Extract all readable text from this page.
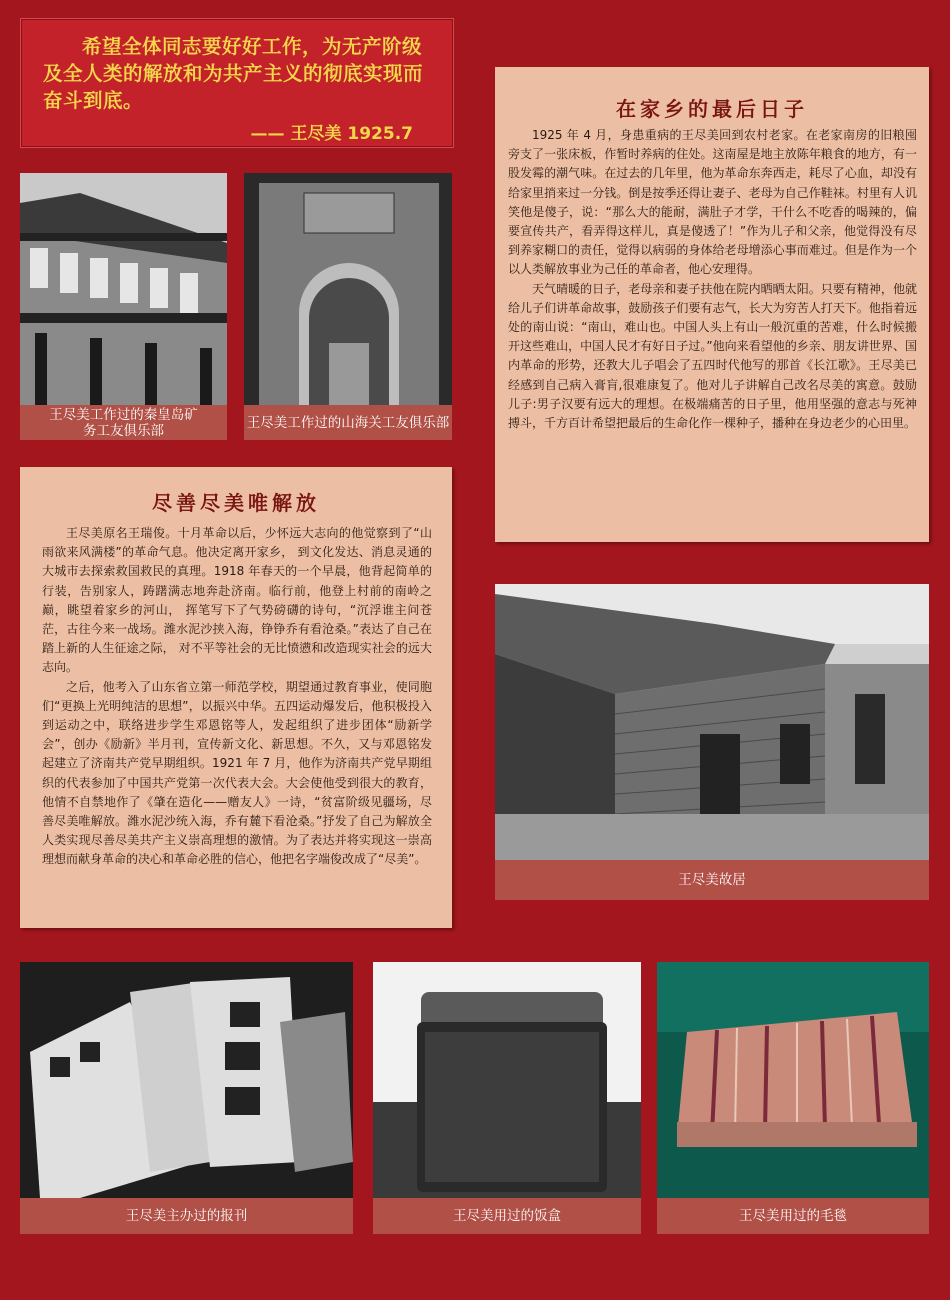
希望全体同志要好好工作，为无产阶级及全人类的解放和为共产主义的彻底实现而奋斗到底。
—— 王尽美 1925.7
王尽美工作过的秦皇岛矿务工友俱乐部	王尽美工作过的山海关工友俱乐部
在家乡的最后日子

1925 年 4 月，身患重病的王尽美回到农村老家。在老家南房的旧粮囤旁支了一张床板，作暂时养病的住处。这南屋是地主放陈年粮食的地方，有一股发霉的潮气味。在过去的几年里，他为革命东奔西走，耗尽了心血，却没有给家里捎来过一分钱。倒是按季还得让妻子、老母为自己作鞋袜。村里有人讥笑他是傻子，说：“那么大的能耐，满肚子才学，干什么不吃香的喝辣的，偏要宣传共产，看弄得这样儿，真是傻透了！”作为儿子和父亲，他觉得没有尽到养家糊口的责任，觉得以病弱的身体给老母增添心事而难过。但是作为一个以人类解放事业为己任的革命者，他心安理得。

天气晴暖的日子，老母亲和妻子扶他在院内晒晒太阳。只要有精神，他就给儿子们讲革命故事，鼓励孩子们要有志气，长大为穷苦人打天下。他指着远处的南山说：“南山，难山也。中国人头上有山一般沉重的苦难，什么时候搬开这些难山，中国人民才有好日子过。”他向来看望他的乡亲、朋友讲世界、国内革命的形势，还教大儿子唱会了五四时代他写的那首《长江歌》。王尽美已经感到自己病入膏肓,很难康复了。他对儿子讲解自己改名尽美的寓意。鼓励儿子:男子汉要有远大的理想。在极端痛苦的日子里，他用坚强的意志与死神搏斗，千方百计希望把最后的生命化作一棵种子，播种在身边老少的心田里。

尽善尽美唯解放

王尽美原名王瑞俊。十月革命以后，少怀远大志向的他觉察到了“山雨欲来风满楼”的革命气息。他决定离开家乡， 到文化发达、消息灵通的大城市去探索救国救民的真理。1918 年春天的一个早晨，他背起简单的行装，告别家人，踌躇满志地奔赴济南。临行前，他登上村前的南岭之巅，眺望着家乡的河山， 挥笔写下了气势磅礴的诗句，“沉浮谁主问苍茫，古往今来一战场。潍水泥沙挟入海，铮铮乔有看沧桑。”表达了自己在踏上新的人生征途之际， 对不平等社会的无比愤懑和改造现实社会的远大志向。

之后，他考入了山东省立第一师范学校，期望通过教育事业，使同胞们“更换上光明纯洁的思想”，以振兴中华。五四运动爆发后，他积极投入到运动之中，联络进步学生邓恩铭等人，发起组织了进步团体“励新学会”，创办《励新》半月刊，宣传新文化、新思想。不久，又与邓恩铭发起建立了济南共产党早期组织。1921 年 7 月，他作为济南共产党早期组织的代表参加了中国共产党第一次代表大会。大会使他受到很大的教育，他情不自禁地作了《肇在造化——赠友人》一诗，“贫富阶级见疆场，尽善尽美唯解放。潍水泥沙统入海，乔有麓下看沧桑。”抒发了自己为解放全人类实现尽善尽美共产主义崇高理想的激情。为了表达并将实现这一崇高理想而献身革命的决心和革命必胜的信心，他把名字端俊改成了“尽美”。

王尽美故居
王尽美主办过的报刊	王尽美用过的饭盒	王尽美用过的毛毯
